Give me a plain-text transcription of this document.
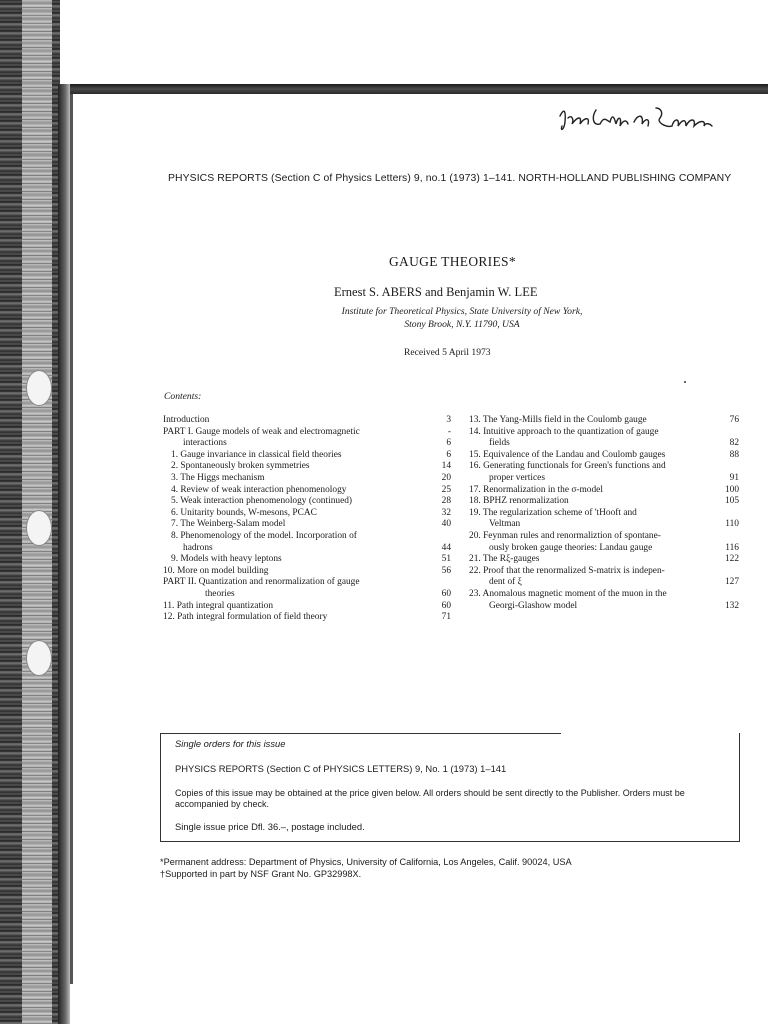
PHYSICS REPORTS (Section C of Physics Letters) 9, no.1 (1973) 1–141. NORTH-HOLLAND PUBLISHING COMPANY
GAUGE THEORIES*
Ernest S. ABERS and Benjamin W. LEE
Institute for Theoretical Physics, State University of New York,
Stony Brook, N.Y. 11790, USA
Received 5 April 1973
Contents:
Introduction	3
PART I. Gauge models of weak and electromagnetic	-
interactions	6
1. Gauge invariance in classical field theories	6
2. Spontaneously broken symmetries	14
3. The Higgs mechanism	20
4. Review of weak interaction phenomenology	25
5. Weak interaction phenomenology (continued)	28
6. Unitarity bounds, W-mesons, PCAC	32
7. The Weinberg-Salam model	40
8. Phenomenology of the model. Incorporation of
hadrons	44
9. Models with heavy leptons	51
10. More on model building	56
PART II. Quantization and renormalization of gauge
theories	60
11. Path integral quantization	60
12. Path integral formulation of field theory	71
13. The Yang-Mills field in the Coulomb gauge	76
14. Intuitive approach to the quantization of gauge
fields	82
15. Equivalence of the Landau and Coulomb gauges	88
16. Generating functionals for Green's functions and
proper vertices	91
17. Renormalization in the σ-model	100
18. BPHZ renormalization	105
19. The regularization scheme of 'tHooft and
Veltman	110
20. Feynman rules and renormaliztion of spontane-
ously broken gauge theories: Landau gauge	116
21. The Rξ-gauges	122
22. Proof that the renormalized S-matrix is indepen-
dent of ξ	127
23. Anomalous magnetic moment of the muon in the
Georgi-Glashow model	132
Single orders for this issue
PHYSICS REPORTS (Section C of PHYSICS LETTERS) 9, No. 1 (1973) 1–141
Copies of this issue may be obtained at the price given below. All orders should be sent directly to the Publisher. Orders must be accompanied by check.
Single issue price Dfl. 36.–, postage included.
*Permanent address: Department of Physics, University of California, Los Angeles, Calif. 90024, USA
†Supported in part by NSF Grant No. GP32998X.
